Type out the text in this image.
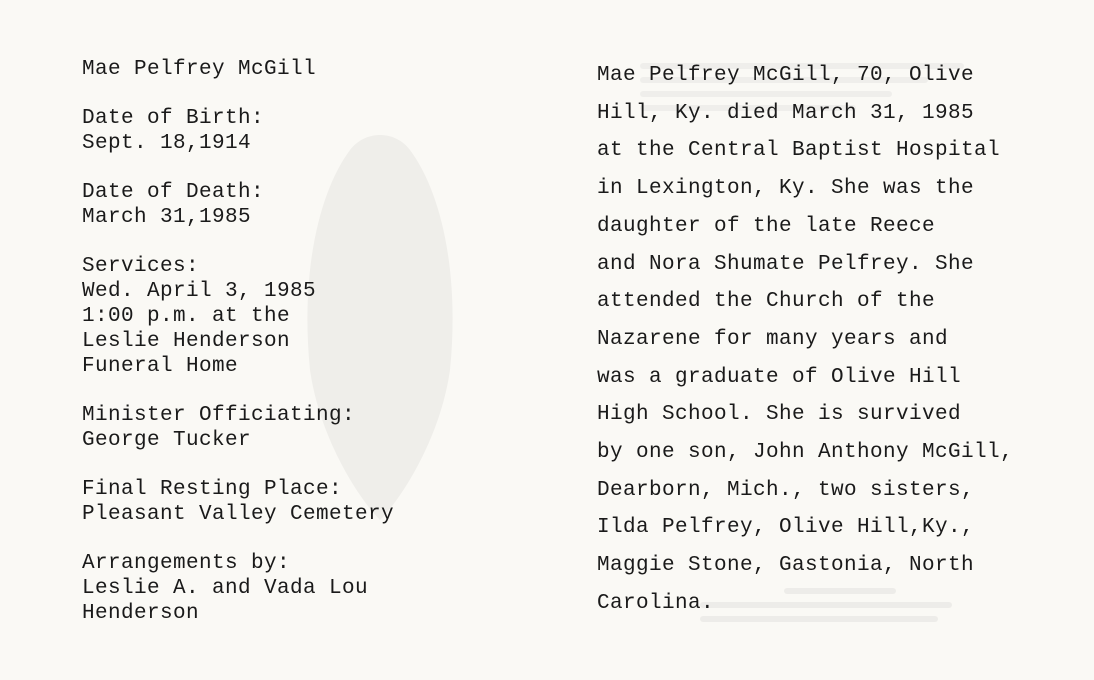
Mae Pelfrey McGill
Date of Birth:
Sept. 18,1914
Date of Death:
March 31,1985
Services:
Wed. April 3, 1985
1:00 p.m. at the
Leslie Henderson
Funeral Home
Minister Officiating:
George Tucker
Final Resting Place:
Pleasant Valley Cemetery
Arrangements by:
Leslie A. and Vada Lou
Henderson
Mae Pelfrey McGill, 70, Olive
Hill, Ky. died March 31, 1985
at the Central Baptist Hospital
in Lexington, Ky. She was the
daughter of the late Reece
and Nora Shumate Pelfrey. She
attended the Church of the
Nazarene for many years and
was a graduate of Olive Hill
High School. She is survived
by one son, John Anthony McGill,
Dearborn, Mich., two sisters,
Ilda Pelfrey, Olive Hill,Ky.,
Maggie Stone, Gastonia, North
Carolina.
